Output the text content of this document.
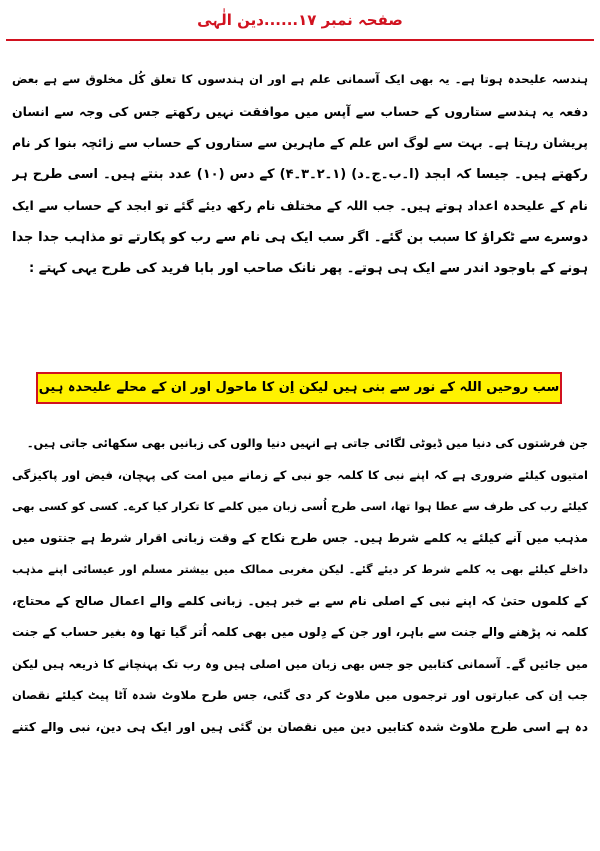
صفحہ نمبر ۱۷......دین الٰہی
ہندسہ علیحدہ ہوتا ہے۔ یہ بھی ایک آسمانی علم ہے اور ان ہندسوں کا تعلق کُل مخلوق سے ہے بعض
دفعہ یہ ہندسے ستاروں کے حساب سے آپس میں موافقت نہیں رکھتے جس کی وجہ سے انسان
پریشان رہتا ہے۔ بہت سے لوگ اس علم کے ماہرین سے ستاروں کے حساب سے زائچہ بنوا کر نام
رکھتے ہیں۔ جیسا کہ ابجد (ا۔ب۔ج۔د) (۱۔۲۔۳۔۴) کے دس (۱۰) عدد بنتے ہیں۔ اسی طرح ہر
نام کے علیحدہ اعداد ہوتے ہیں۔ جب اللہ کے مختلف نام رکھ دیئے گئے تو ابجد کے حساب سے ایک
دوسرے سے ٹکراؤ کا سبب بن گئے۔ اگر سب ایک ہی نام سے رب کو پکارتے تو مذاہب جدا جدا
ہونے کے باوجود اندر سے ایک ہی ہوتے۔ پھر نانک صاحب اور بابا فرید کی طرح یہی کہتے :
سب روحیں اللہ کے نور سے بنی ہیں لیکن اِن کا ماحول اور ان کے محلے علیحدہ ہیں
جن فرشتوں کی دنیا میں ڈیوٹی لگائی جاتی ہے انہیں دنیا والوں کی زبانیں بھی سکھائی جاتی ہیں۔
امتیوں کیلئے ضروری ہے کہ اپنے نبی کا کلمہ جو نبی کے زمانے میں امت کی پہچان، فیض اور پاکیزگی
کیلئے رب کی طرف سے عطا ہوا تھا، اسی طرح اُسی زبان میں کلمے کا تکرار کیا کرے۔ کسی کو کسی بھی
مذہب میں آنے کیلئے یہ کلمے شرط ہیں۔ جس طرح نکاح کے وقت زبانی اقرار شرط ہے جنتوں میں
داخلے کیلئے بھی یہ کلمے شرط کر دیئے گئے۔ لیکن مغربی ممالک میں بیشتر مسلم اور عیسائی اپنے مذہب
کے کلموں حتیٰ کہ اپنے نبی کے اصلی نام سے بے خبر ہیں۔ زبانی کلمے والے اعمال صالح کے محتاج،
کلمہ نہ پڑھنے والے جنت سے باہر، اور جن کے دِلوں میں بھی کلمہ اُتر گیا تھا وہ بغیر حساب کے جنت
میں جائیں گے۔ آسمانی کتابیں جو جس بھی زبان میں اصلی ہیں وہ رب تک پہنچانے کا ذریعہ ہیں لیکن
جب اِن کی عبارتوں اور ترجموں میں ملاوٹ کر دی گئی، جس طرح ملاوٹ شدہ آٹا پیٹ کیلئے نقصان
دہ ہے اسی طرح ملاوٹ شدہ کتابیں دین میں نقصان بن گئی ہیں اور ایک ہی دین، نبی والے کتنے
